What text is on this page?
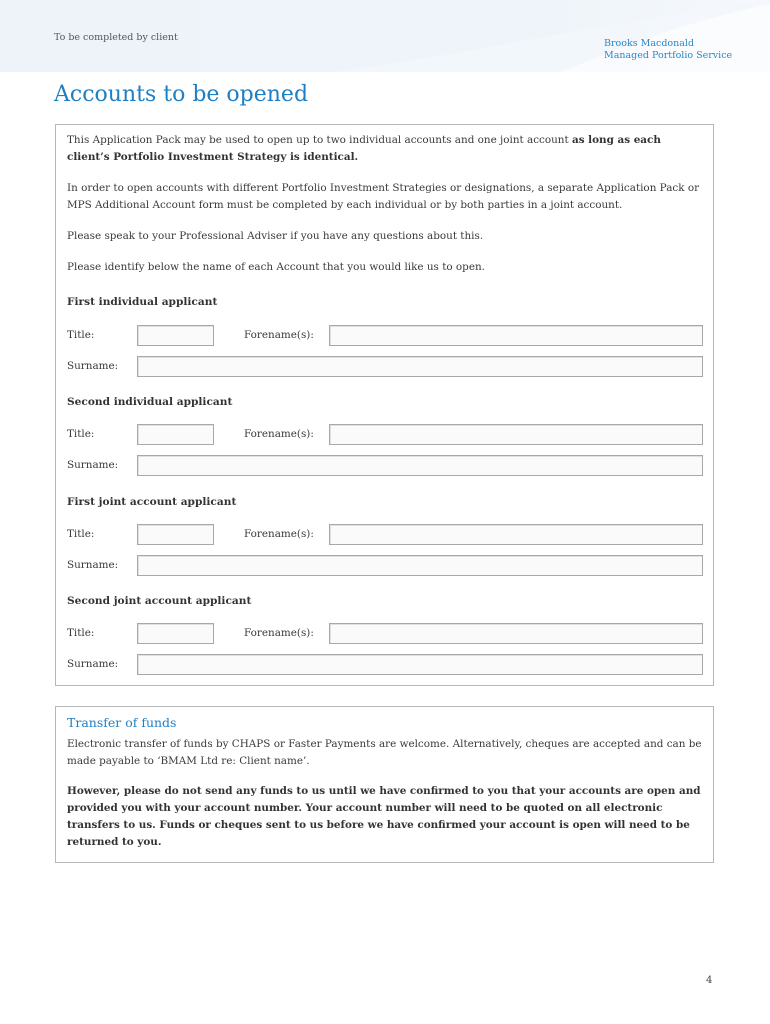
To be completed by client
Brooks Macdonald
Managed Portfolio Service
Accounts to be opened

This Application Pack may be used to open up to two individual accounts and one joint account as long as each client’s Portfolio Investment Strategy is identical.

In order to open accounts with different Portfolio Investment Strategies or designations, a separate Application Pack or MPS Additional Account form must be completed by each individual or by both parties in a joint account.

Please speak to your Professional Adviser if you have any questions about this.

Please identify below the name of each Account that you would like us to open.

First individual applicant

Title:	Forename(s):
Surname:

Second individual applicant

Title:	Forename(s):
Surname:

First joint account applicant

Title:	Forename(s):
Surname:

Second joint account applicant

Title:	Forename(s):
Surname:
Transfer of funds

Electronic transfer of funds by CHAPS or Faster Payments are welcome. Alternatively, cheques are accepted and can be made payable to ‘BMAM Ltd re: Client name’.

However, please do not send any funds to us until we have confirmed to you that your accounts are open and provided you with your account number. Your account number will need to be quoted on all electronic transfers to us. Funds or cheques sent to us before we have confirmed your account is open will need to be returned to you.

4
